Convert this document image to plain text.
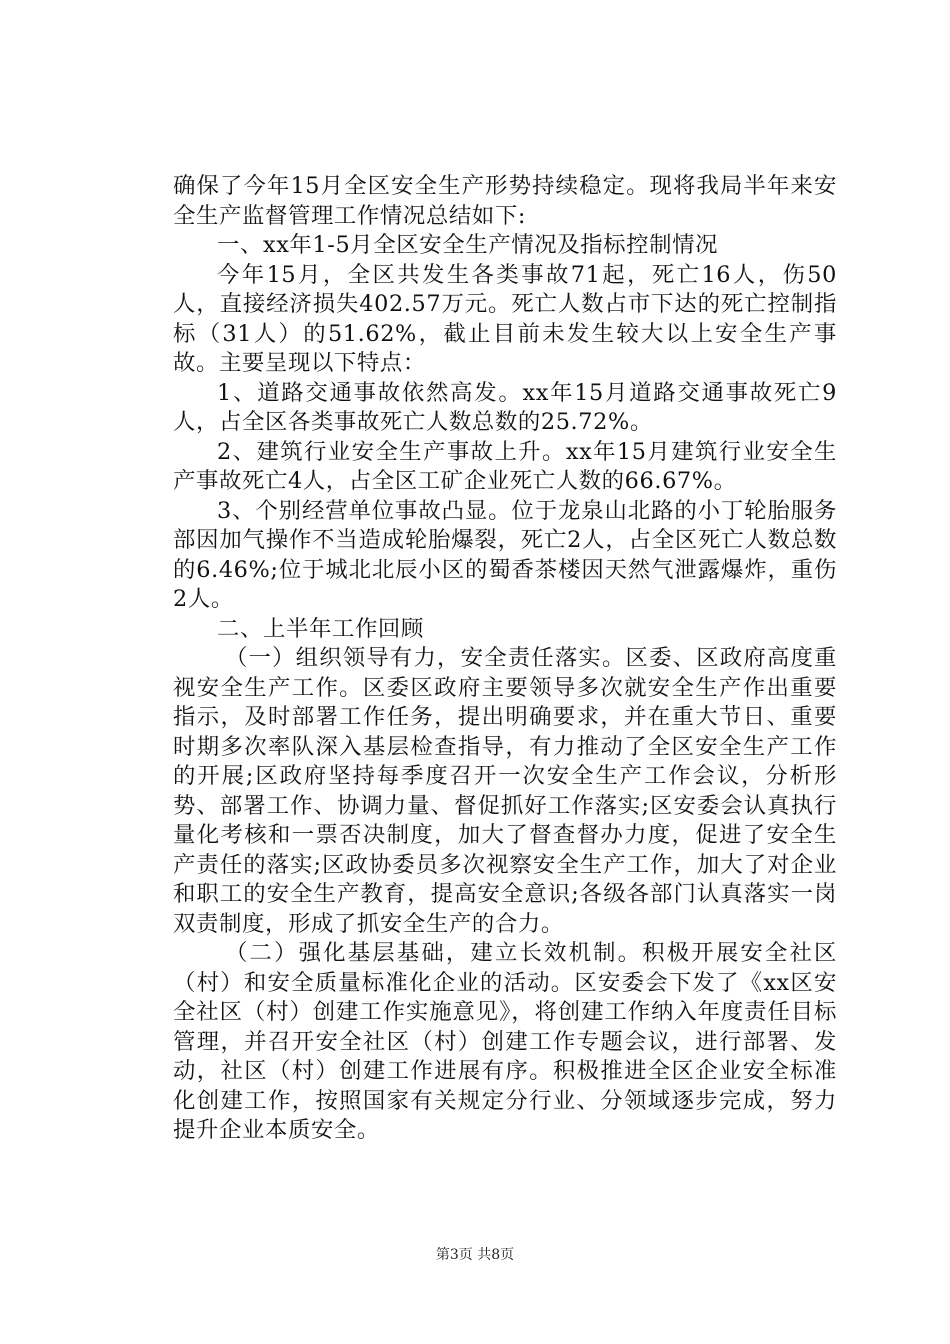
确保了今年15月全区安全生产形势持续稳定。现将我局半年来安全生产监督管理工作情况总结如下:

一、xx年1-5月全区安全生产情况及指标控制情况

今年15月，全区共发生各类事故71起，死亡16人，伤50人，直接经济损失402.57万元。死亡人数占市下达的死亡控制指标（31人）的51.62%，截止目前未发生较大以上安全生产事故。主要呈现以下特点：

1、道路交通事故依然高发。xx年15月道路交通事故死亡9人，占全区各类事故死亡人数总数的25.72%。

2、建筑行业安全生产事故上升。xx年15月建筑行业安全生产事故死亡4人，占全区工矿企业死亡人数的66.67%。

3、个别经营单位事故凸显。位于龙泉山北路的小丁轮胎服务部因加气操作不当造成轮胎爆裂，死亡2人，占全区死亡人数总数的6.46%;位于城北北辰小区的蜀香茶楼因天然气泄露爆炸，重伤2人。

二、上半年工作回顾

（一）组织领导有力，安全责任落实。区委、区政府高度重视安全生产工作。区委区政府主要领导多次就安全生产作出重要指示，及时部署工作任务，提出明确要求，并在重大节日、重要时期多次率队深入基层检查指导，有力推动了全区安全生产工作的开展;区政府坚持每季度召开一次安全生产工作会议，分析形势、部署工作、协调力量、督促抓好工作落实;区安委会认真执行量化考核和一票否决制度，加大了督查督办力度，促进了安全生产责任的落实;区政协委员多次视察安全生产工作，加大了对企业和职工的安全生产教育，提高安全意识;各级各部门认真落实一岗双责制度，形成了抓安全生产的合力。

（二）强化基层基础，建立长效机制。积极开展安全社区（村）和安全质量标准化企业的活动。区安委会下发了《xx区安全社区（村）创建工作实施意见》，将创建工作纳入年度责任目标管理，并召开安全社区（村）创建工作专题会议，进行部署、发动，社区（村）创建工作进展有序。积极推进全区企业安全标准化创建工作，按照国家有关规定分行业、分领域逐步完成，努力提升企业本质安全。

第3页 共8页
